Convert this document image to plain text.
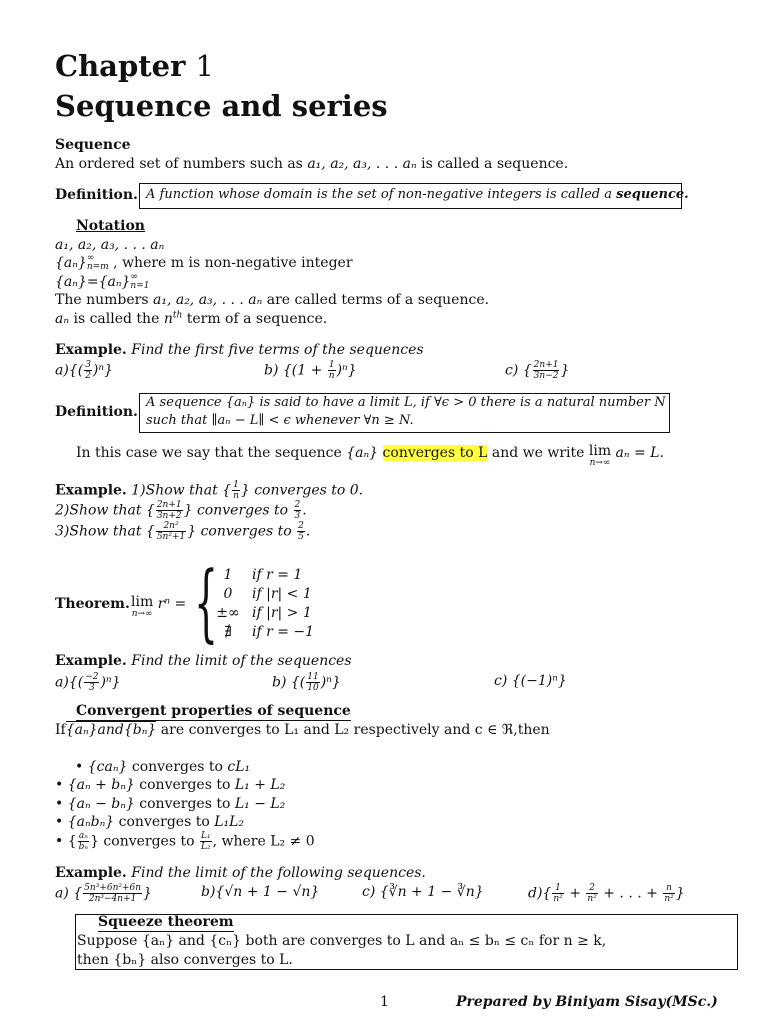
Chapter 1
Sequence and series
Sequence
An ordered set of numbers such as a₁, a₂, a₃, . . . aₙ is called a sequence.
Definition. A function whose domain is the set of non-negative integers is called a sequence.
Notation
a₁, a₂, a₃, . . . aₙ
{aₙ} ∞
n=m , where m is non-negative integer
{aₙ}={aₙ} ∞
n=1
The numbers a₁, a₂, a₃, . . . aₙ are called terms of a sequence.
aₙ is called the $n^{th}$ term of a sequence.
Example. Find the first five terms of the sequences
$a)\{( \frac{3}{2} )^n\}$	b) $\{(1 + \frac{1}{n} )^n\}$	c) { $\frac{2n+1}{3n-2}$ }
Definition.
A sequence {aₙ} is said to have a limit L, if ∀ϵ > 0 there is a natural number N
such that ∥aₙ − L∥ < ϵ whenever ∀n ≥ N.
In this case we say that the sequence {aₙ} converges to L and we write lim
n→∞
aₙ = L.
Example. 1)Show that { $\frac{1}{n}$ } converges to 0.
2)Show that { $\frac{2n+1}{3n+2}$ } converges to $\frac{2}{3}$ .
3)Show that { $\frac{\text{2n²}}{\text{5n²+1}}$ } converges to $\frac{2}{5}$ .
Theorem. lim
n→∞
rⁿ = { 1	if r = 1
0	if |r| < 1
±∞ if |r| > 1
∄	if r = −1
Example. Find the limit of the sequences
$a)\{( \frac{-2}{3} )^n\}$	b) {( $\frac{11}{10} )^n$}	c) {(−1)ⁿ}
Convergent properties of sequence
If{aₙ}and{bₙ} are converges to L₁ and L₂ respectively and c ∈ ℜ,then
• {caₙ} converges to cL₁
• {aₙ + bₙ} converges to L₁ + L₂
• {aₙ − bₙ} converges to L₁ − L₂
• {aₙbₙ} converges to L₁L₂
• { $\frac{\text{aₙ}}{\text{bₙ}}$ } converges to $\frac{\text{L₁}}{\text{L₂}}$ , where L₂ ≠ 0
Example. Find the limit of the following sequences.
a) { $\frac{\text{5n³+6n²+6n}}{\text{2n³−4n+1}}$ }	b){√n + 1 − √n}	c) {∛n + 1 − ∛n}	$d)\{ \frac{1}{\text{n²}} + \frac{2}{\text{n²}}$ + . . . + $\frac{n}{\text{n²}}$ }
Squeeze theorem
Suppose {aₙ} and {cₙ} both are converges to L and aₙ ≤ bₙ ≤ cₙ for n ≥ k,
then {bₙ} also converges to L.
1	Prepared by Biniyam Sisay(MSc.)
